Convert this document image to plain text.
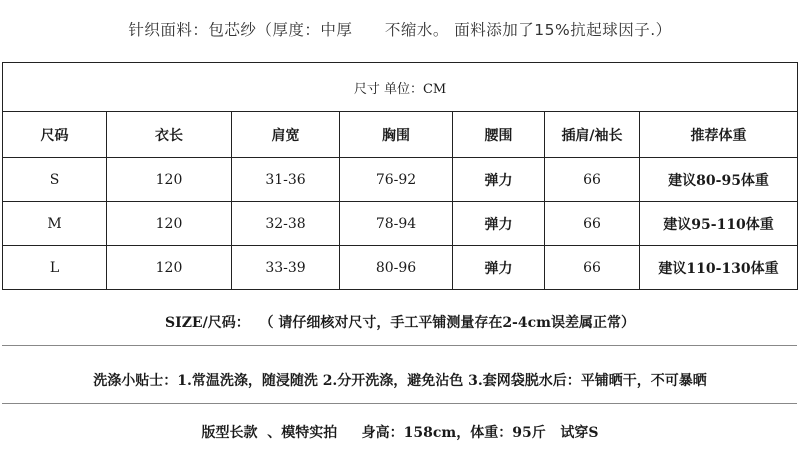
针织面料：包芯纱（厚度：中厚      不缩水。 面料添加了15%抗起球因子.）
尺寸 单位：CM						
尺码	衣长	肩宽	胸围	腰围	插肩/袖长	推荐体重
S	120	31-36	76-92	弹力	66	建议80-95体重
M	120	32-38	78-94	弹力	66	建议95-110体重
L	120	33-39	80-96	弹力	66	建议110-130体重
SIZE/尺码：  （ 请仔细核对尺寸，手工平铺测量存在2-4cm误差属正常）
洗涤小贴士：1.常温洗涤，随浸随洗 2.分开洗涤，避免沾色 3.套网袋脱水后：平铺晒干，不可暴晒
版型长款  、模特实拍     身高：158cm，体重：95斤   试穿S
